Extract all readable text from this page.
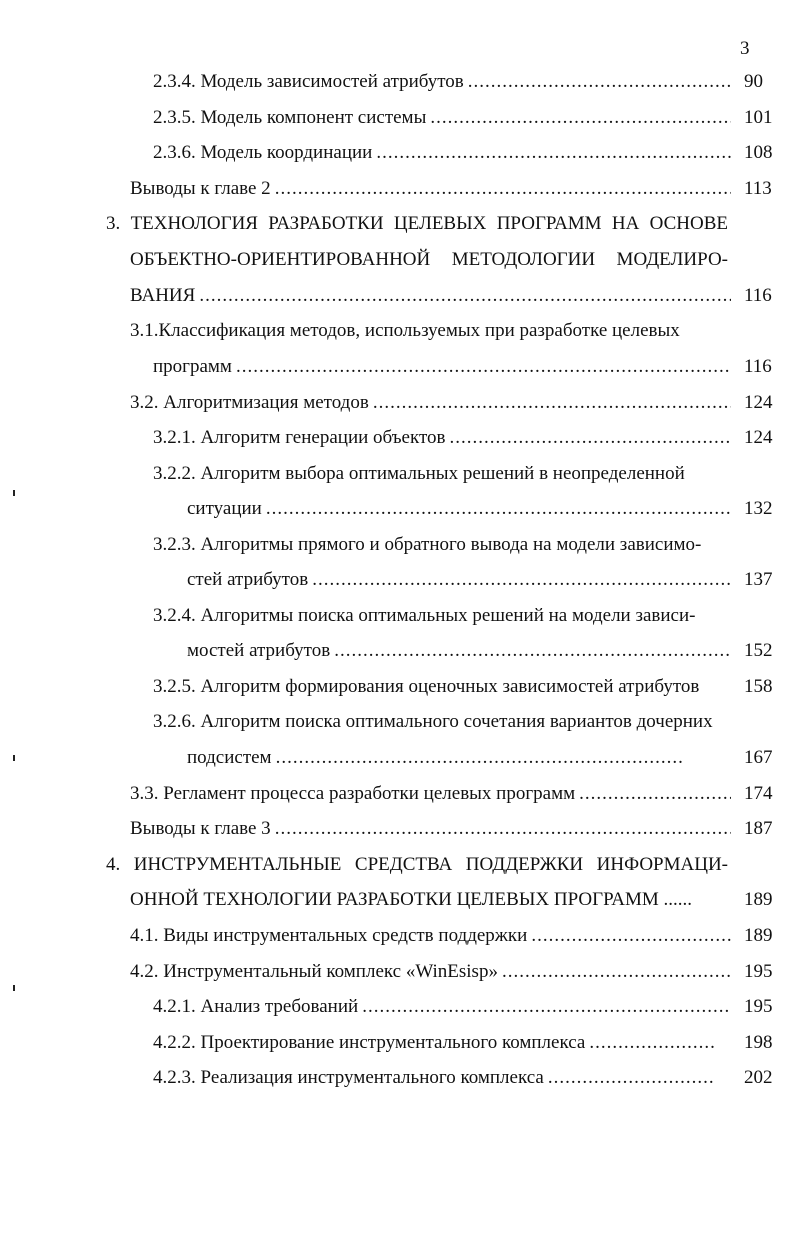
3
2.3.4. Модель зависимостей атрибутов .....	90
2.3.5. Модель компонент системы .....	101
2.3.6. Модель координации .....	108
Выводы к главе 2 .....	113
3. ТЕХНОЛОГИЯ РАЗРАБОТКИ ЦЕЛЕВЫХ ПРОГРАММ НА ОСНОВЕ
ОБЪЕКТНО-ОРИЕНТИРОВАННОЙ МЕТОДОЛОГИИ МОДЕЛИРО-
ВАНИЯ .....	116
3.1.Классификация методов, используемых при разработке целевых
программ .....	116
3.2. Алгоритмизация методов .....	124
3.2.1. Алгоритм генерации объектов .....	124
3.2.2. Алгоритм выбора оптимальных решений в неопределенной
ситуации .....	132
3.2.3. Алгоритмы прямого и обратного вывода на модели зависимо-
стей атрибутов .....	137
3.2.4. Алгоритмы поиска оптимальных решений на модели зависи-
мостей атрибутов .....	152
3.2.5. Алгоритм формирования оценочных зависимостей атрибутов 158
3.2.6. Алгоритм поиска оптимального сочетания вариантов дочерних
подсистем .....	167
3.3. Регламент процесса разработки целевых программ .....	174
Выводы к главе 3 .....	187
4. ИНСТРУМЕНТАЛЬНЫЕ СРЕДСТВА ПОДДЕРЖКИ ИНФОРМАЦИ-
ОННОЙ ТЕХНОЛОГИИ РАЗРАБОТКИ ЦЕЛЕВЫХ ПРОГРАММ ......	189
4.1. Виды инструментальных средств поддержки .....	189
4.2. Инструментальный комплекс «WinEsisp» .....	195
4.2.1. Анализ требований .....	195
4.2.2. Проектирование инструментального комплекса .....	198
4.2.3. Реализация инструментального комплекса .....	202
